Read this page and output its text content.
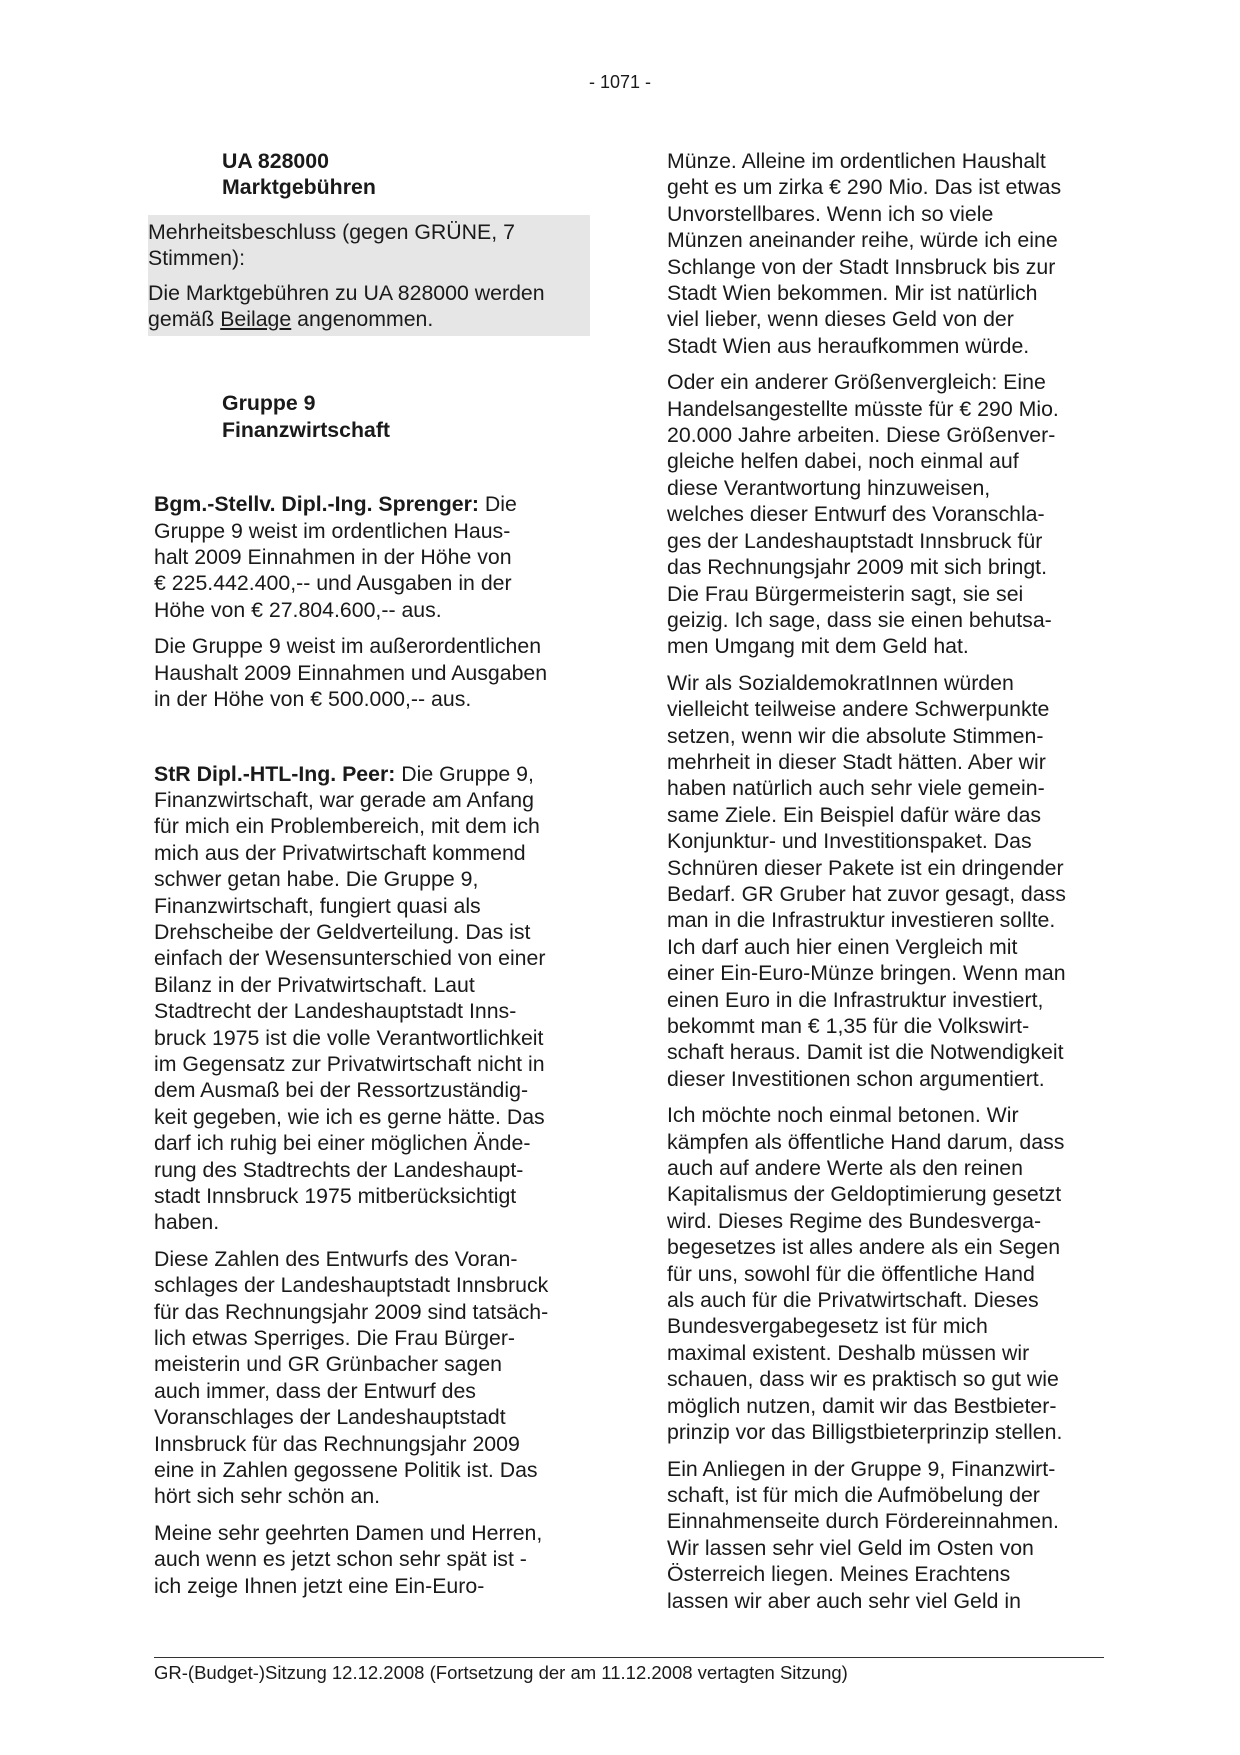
- 1071 -
UA 828000
Marktgebühren

Mehrheitsbeschluss (gegen GRÜNE, 7
Stimmen):

Die Marktgebühren zu UA 828000 werden
gemäß Beilage angenommen.

Gruppe 9
Finanzwirtschaft
Bgm.-Stellv. Dipl.-Ing. Sprenger: Die
Gruppe 9 weist im ordentlichen Haus-
halt 2009 Einnahmen in der Höhe von
€ 225.442.400,-- und Ausgaben in der
Höhe von € 27.804.600,-- aus.
Die Gruppe 9 weist im außerordentlichen
Haushalt 2009 Einnahmen und Ausgaben
in der Höhe von € 500.000,-- aus.
StR Dipl.-HTL-Ing. Peer: Die Gruppe 9,
Finanzwirtschaft, war gerade am Anfang
für mich ein Problembereich, mit dem ich
mich aus der Privatwirtschaft kommend
schwer getan habe. Die Gruppe 9,
Finanzwirtschaft, fungiert quasi als
Drehscheibe der Geldverteilung. Das ist
einfach der Wesensunterschied von einer
Bilanz in der Privatwirtschaft. Laut
Stadtrecht der Landeshauptstadt Inns-
bruck 1975 ist die volle Verantwortlichkeit
im Gegensatz zur Privatwirtschaft nicht in
dem Ausmaß bei der Ressortzuständig-
keit gegeben, wie ich es gerne hätte. Das
darf ich ruhig bei einer möglichen Ände-
rung des Stadtrechts der Landeshaupt-
stadt Innsbruck 1975 mitberücksichtigt
haben.
Diese Zahlen des Entwurfs des Voran-
schlages der Landeshauptstadt Innsbruck
für das Rechnungsjahr 2009 sind tatsäch-
lich etwas Sperriges. Die Frau Bürger-
meisterin und GR Grünbacher sagen
auch immer, dass der Entwurf des
Voranschlages der Landeshauptstadt
Innsbruck für das Rechnungsjahr 2009
eine in Zahlen gegossene Politik ist. Das
hört sich sehr schön an.
Meine sehr geehrten Damen und Herren,
auch wenn es jetzt schon sehr spät ist -
ich zeige Ihnen jetzt eine Ein-Euro-
Münze. Alleine im ordentlichen Haushalt
geht es um zirka € 290 Mio. Das ist etwas
Unvorstellbares. Wenn ich so viele
Münzen aneinander reihe, würde ich eine
Schlange von der Stadt Innsbruck bis zur
Stadt Wien bekommen. Mir ist natürlich
viel lieber, wenn dieses Geld von der
Stadt Wien aus heraufkommen würde.
Oder ein anderer Größenvergleich: Eine
Handelsangestellte müsste für € 290 Mio.
20.000 Jahre arbeiten. Diese Größenver-
gleiche helfen dabei, noch einmal auf
diese Verantwortung hinzuweisen,
welches dieser Entwurf des Voranschla-
ges der Landeshauptstadt Innsbruck für
das Rechnungsjahr 2009 mit sich bringt.
Die Frau Bürgermeisterin sagt, sie sei
geizig. Ich sage, dass sie einen behutsa-
men Umgang mit dem Geld hat.
Wir als SozialdemokratInnen würden
vielleicht teilweise andere Schwerpunkte
setzen, wenn wir die absolute Stimmen-
mehrheit in dieser Stadt hätten. Aber wir
haben natürlich auch sehr viele gemein-
same Ziele. Ein Beispiel dafür wäre das
Konjunktur- und Investitionspaket. Das
Schnüren dieser Pakete ist ein dringender
Bedarf. GR Gruber hat zuvor gesagt, dass
man in die Infrastruktur investieren sollte.
Ich darf auch hier einen Vergleich mit
einer Ein-Euro-Münze bringen. Wenn man
einen Euro in die Infrastruktur investiert,
bekommt man € 1,35 für die Volkswirt-
schaft heraus. Damit ist die Notwendigkeit
dieser Investitionen schon argumentiert.
Ich möchte noch einmal betonen. Wir
kämpfen als öffentliche Hand darum, dass
auch auf andere Werte als den reinen
Kapitalismus der Geldoptimierung gesetzt
wird. Dieses Regime des Bundesverga-
begesetzes ist alles andere als ein Segen
für uns, sowohl für die öffentliche Hand
als auch für die Privatwirtschaft. Dieses
Bundesvergabegesetz ist für mich
maximal existent. Deshalb müssen wir
schauen, dass wir es praktisch so gut wie
möglich nutzen, damit wir das Bestbieter-
prinzip vor das Billigstbieterprinzip stellen.
Ein Anliegen in der Gruppe 9, Finanzwirt-
schaft, ist für mich die Aufmöbelung der
Einnahmenseite durch Fördereinnahmen.
Wir lassen sehr viel Geld im Osten von
Österreich liegen. Meines Erachtens
lassen wir aber auch sehr viel Geld in
GR-(Budget-)Sitzung 12.12.2008 (Fortsetzung der am 11.12.2008 vertagten Sitzung)
